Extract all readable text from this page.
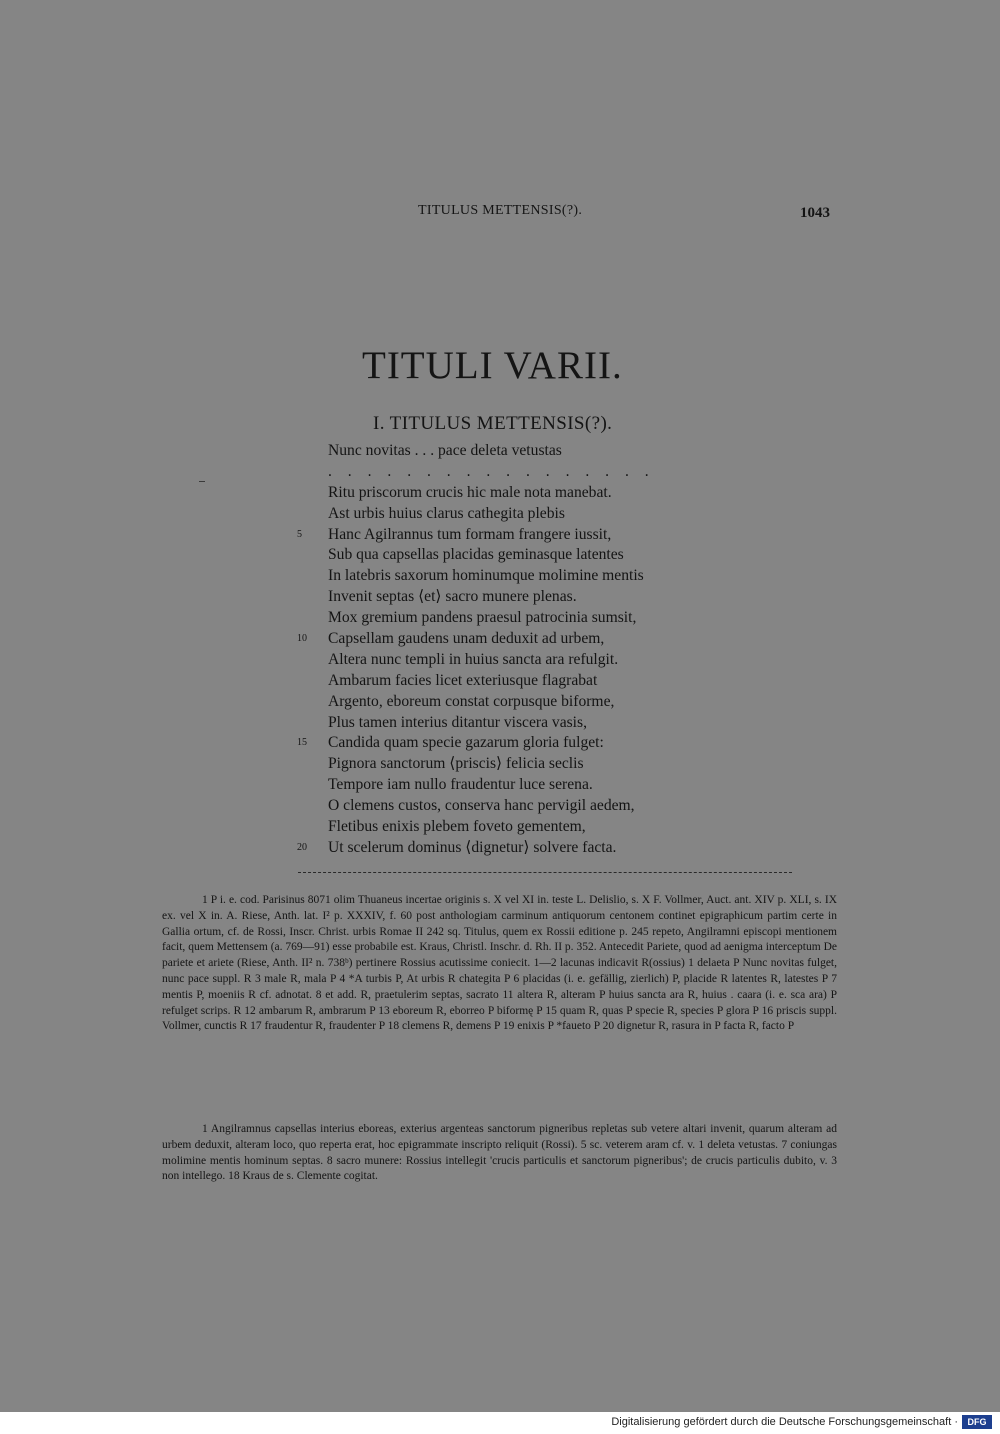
TITULUS METTENSIS(?).	1043
TITULI VARII.
I. TITULUS METTENSIS(?).
Nunc novitas . . . pace deleta vetustas
. . . . . . . . . . . . . . . . .
Ritu priscorum crucis hic male nota manebat.
Ast urbis huius clarus cathegita plebis
5 Hanc Agilrannus tum formam frangere iussit,
Sub qua capsellas placidas geminasque latentes
In latebris saxorum hominumque molimine mentis
Invenit septas ⟨et⟩ sacro munere plenas.
Mox gremium pandens praesul patrocinia sumsit,
10 Capsellam gaudens unam deduxit ad urbem,
Altera nunc templi in huius sancta ara refulgit.
Ambarum facies licet exteriusque flagrabat
Argento, eboreum constat corpusque biforme,
Plus tamen interius ditantur viscera vasis,
15 Candida quam specie gazarum gloria fulget:
Pignora sanctorum ⟨priscis⟩ felicia seclis
Tempore iam nullo fraudentur luce serena.
O clemens custos, conserva hanc pervigil aedem,
Fletibus enixis plebem foveto gementem,
20 Ut scelerum dominus ⟨dignetur⟩ solvere facta.

1 P i. e. cod. Parisinus 8071 olim Thuaneus incertae originis s. X vel XI in. teste L. Delislio, s. X F. Vollmer, Auct. ant. XIV p. XLI, s. IX ex. vel X in. A. Riese, Anth. lat. I² p. XXXIV, f. 60 post anthologiam carminum antiquorum centonem continet epigraphicum partim certe in Gallia ortum, cf. de Rossi, Inscr. Christ. urbis Romae II 242 sq. Titulus, quem ex Rossii editione p. 245 repeto, Angilramni episcopi mentionem facit, quem Mettensem (a. 769—91) esse probabile est. Kraus, Christl. Inschr. d. Rh. II p. 352. Antecedit Pariete, quod ad aenigma interceptum De pariete et ariete (Riese, Anth. II² n. 738ᵇ) pertinere Rossius acutissime coniecit. 1—2 lacunas indicavit R(ossius) 1 delaeta P Nunc novitas fulget, nunc pace suppl. R 3 male R, mala P 4 *A turbis P, At urbis R chategita P 6 placidas (i. e. gefällig, zierlich) P, placide R latentes R, latestes P 7 mentis P, moeniis R cf. adnotat. 8 et add. R, praetulerim septas, sacrato 11 altera R, alteram P huius sancta ara R, huius . caara (i. e. sca ara) P refulget scrips. R 12 ambarum R, ambrarum P 13 eboreum R, eborreo P biformę P 15 quam R, quas P specie R, species P glora P 16 priscis suppl. Vollmer, cunctis R 17 fraudentur R, fraudenter P 18 clemens R, demens P 19 enixis P *faueto P 20 dignetur R, rasura in P facta R, facto P

1 Angilramnus capsellas interius eboreas, exterius argenteas sanctorum pigneribus repletas sub vetere altari invenit, quarum alteram ad urbem deduxit, alteram loco, quo reperta erat, hoc epigrammate inscripto reliquit (Rossi). 5 sc. veterem aram cf. v. 1 deleta vetustas. 7 coniungas molimine mentis hominum septas. 8 sacro munere: Rossius intellegit 'crucis particulis et sanctorum pigneribus'; de crucis particulis dubito, v. 3 non intellego. 18 Kraus de s. Clemente cogitat.

Digitalisierung gefördert durch die Deutsche Forschungsgemeinschaft ·	DFG
